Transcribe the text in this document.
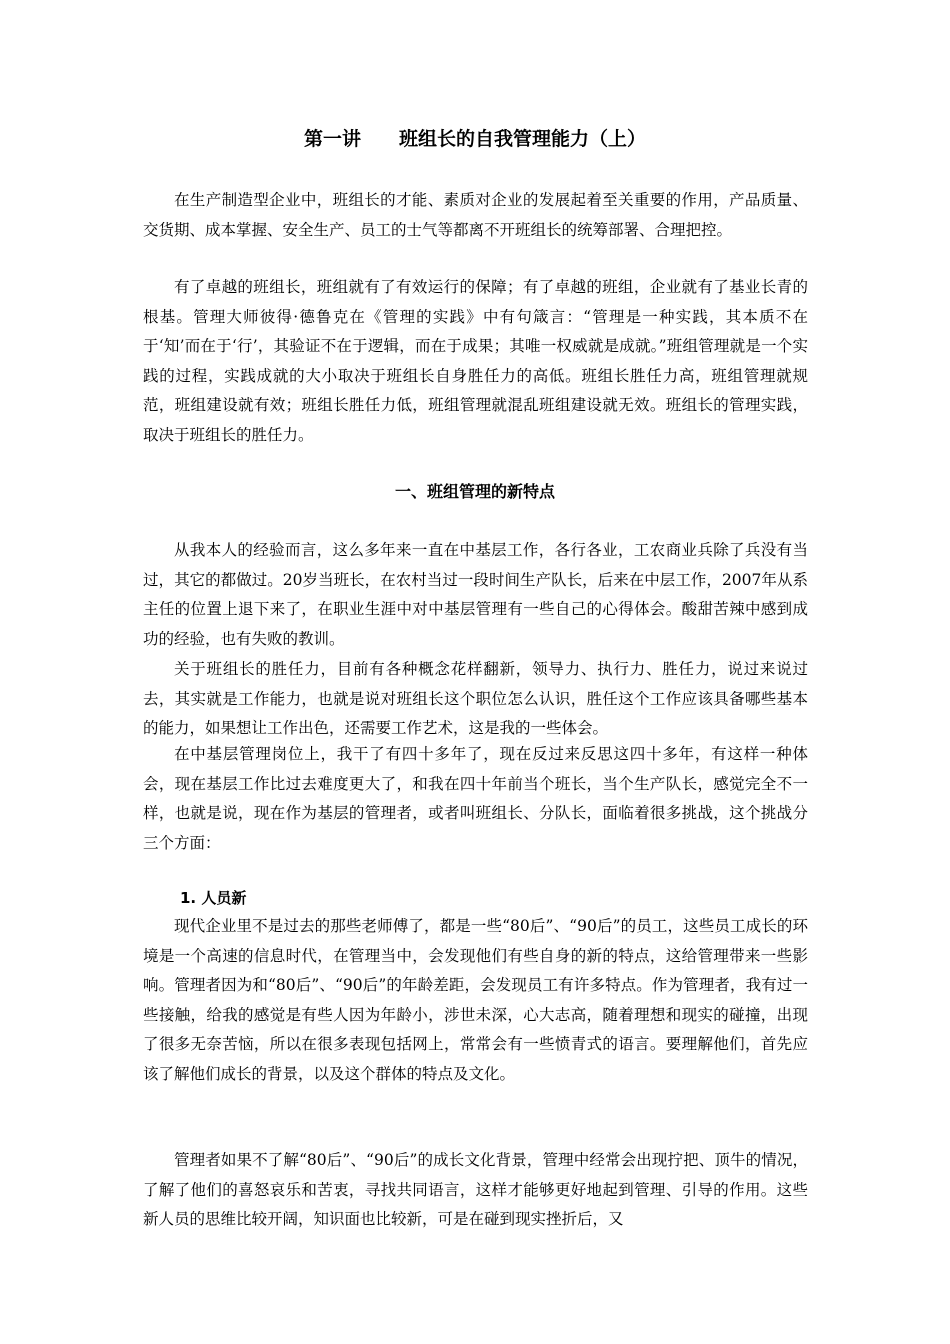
第一讲　　班组长的自我管理能力（上）

在生产制造型企业中，班组长的才能、素质对企业的发展起着至关重要的作用，产品质量、交货期、成本掌握、安全生产、员工的士气等都离不开班组长的统筹部署、合理把控。

有了卓越的班组长，班组就有了有效运行的保障；有了卓越的班组，企业就有了基业长青的根基。管理大师彼得·德鲁克在《管理的实践》中有句箴言：“管理是一种实践，其本质不在于‘知’而在于‘行’，其验证不在于逻辑，而在于成果；其唯一权威就是成就。”班组管理就是一个实践的过程，实践成就的大小取决于班组长自身胜任力的高低。班组长胜任力高，班组管理就规范，班组建设就有效；班组长胜任力低，班组管理就混乱班组建设就无效。班组长的管理实践，取决于班组长的胜任力。

一、班组管理的新特点

从我本人的经验而言，这么多年来一直在中基层工作，各行各业，工农商业兵除了兵没有当过，其它的都做过。20岁当班长，在农村当过一段时间生产队长，后来在中层工作，2007年从系主任的位置上退下来了，在职业生涯中对中基层管理有一些自己的心得体会。酸甜苦辣中感到成功的经验，也有失败的教训。

关于班组长的胜任力，目前有各种概念花样翻新，领导力、执行力、胜任力，说过来说过去，其实就是工作能力，也就是说对班组长这个职位怎么认识，胜任这个工作应该具备哪些基本的能力，如果想让工作出色，还需要工作艺术，这是我的一些体会。

在中基层管理岗位上，我干了有四十多年了，现在反过来反思这四十多年，有这样一种体会，现在基层工作比过去难度更大了，和我在四十年前当个班长，当个生产队长，感觉完全不一样，也就是说，现在作为基层的管理者，或者叫班组长、分队长，面临着很多挑战，这个挑战分三个方面：

1. 人员新

现代企业里不是过去的那些老师傅了，都是一些“80后”、“90后”的员工，这些员工成长的环境是一个高速的信息时代，在管理当中，会发现他们有些自身的新的特点，这给管理带来一些影响。管理者因为和“80后”、“90后”的年龄差距，会发现员工有许多特点。作为管理者，我有过一些接触，给我的感觉是有些人因为年龄小，涉世未深，心大志高，随着理想和现实的碰撞，出现了很多无奈苦恼，所以在很多表现包括网上，常常会有一些愤青式的语言。要理解他们，首先应该了解他们成长的背景，以及这个群体的特点及文化。

管理者如果不了解“80后”、“90后”的成长文化背景，管理中经常会出现拧把、顶牛的情况，了解了他们的喜怒哀乐和苦衷，寻找共同语言，这样才能够更好地起到管理、引导的作用。这些新人员的思维比较开阔，知识面也比较新，可是在碰到现实挫折后，又
